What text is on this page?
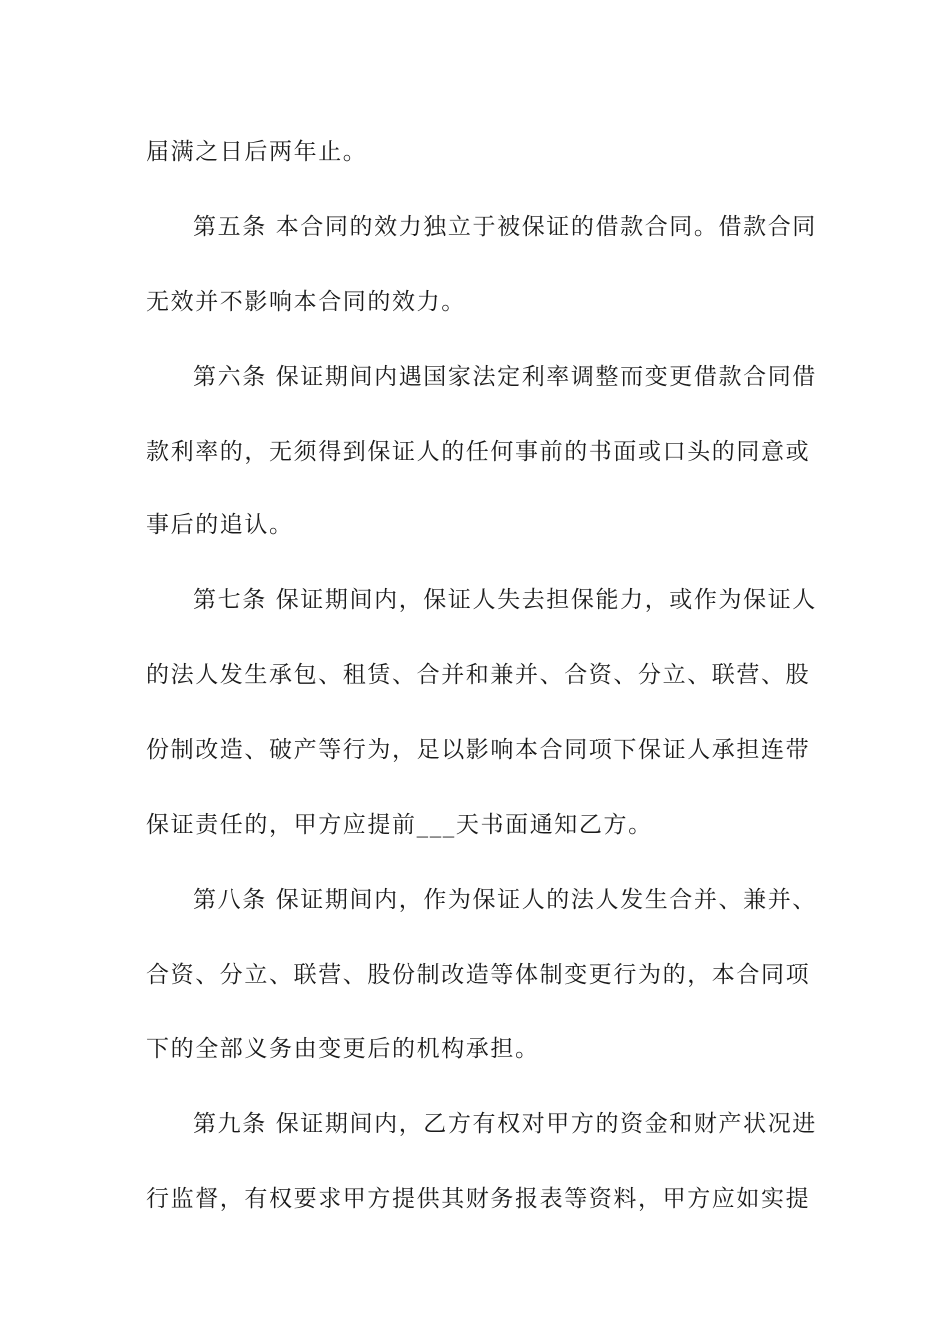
届满之日后两年止。
第五条 本合同的效力独立于被保证的借款合同。借款合同
无效并不影响本合同的效力。
第六条 保证期间内遇国家法定利率调整而变更借款合同借
款利率的，无须得到保证人的任何事前的书面或口头的同意或
事后的追认。
第七条 保证期间内，保证人失去担保能力，或作为保证人
的法人发生承包、租赁、合并和兼并、合资、分立、联营、股
份制改造、破产等行为，足以影响本合同项下保证人承担连带
保证责任的，甲方应提前___天书面通知乙方。
第八条 保证期间内，作为保证人的法人发生合并、兼并、
合资、分立、联营、股份制改造等体制变更行为的，本合同项
下的全部义务由变更后的机构承担。
第九条 保证期间内，乙方有权对甲方的资金和财产状况进
行监督，有权要求甲方提供其财务报表等资料，甲方应如实提
